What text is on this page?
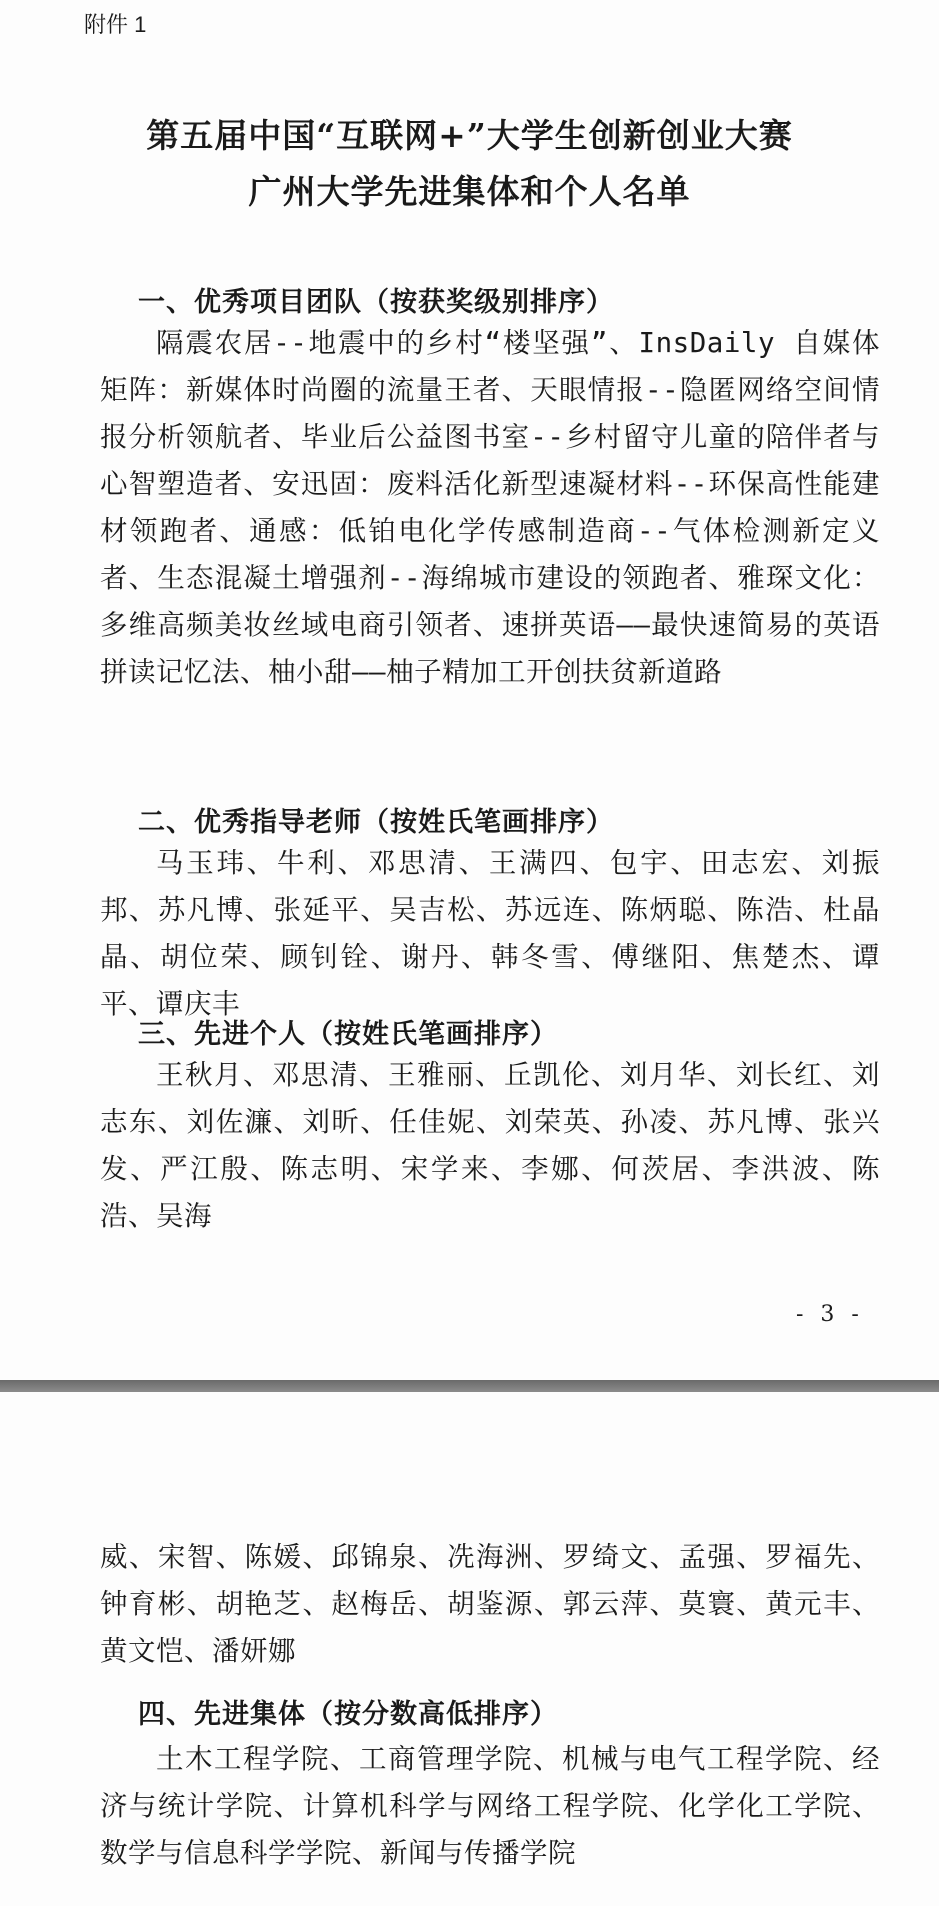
附件 1
第五届中国“互联网+”大学生创新创业大赛
广州大学先进集体和个人名单
一、优秀项目团队（按获奖级别排序）

隔震农居--地震中的乡村“楼坚强”、InsDaily 自媒体矩阵：新媒体时尚圈的流量王者、天眼情报--隐匿网络空间情报分析领航者、毕业后公益图书室--乡村留守儿童的陪伴者与心智塑造者、安迅固：废料活化新型速凝材料--环保高性能建材领跑者、通感：低铂电化学传感制造商--气体检测新定义者、生态混凝土增强剂--海绵城市建设的领跑者、雅琛文化：多维高频美妆丝域电商引领者、速拼英语——最快速简易的英语拼读记忆法、柚小甜——柚子精加工开创扶贫新道路

二、优秀指导老师（按姓氏笔画排序）

马玉玮、牛利、邓思清、王满四、包宇、田志宏、刘振邦、苏凡博、张延平、吴吉松、苏远连、陈炳聪、陈浩、杜晶晶、胡位荣、顾钊铨、谢丹、韩冬雪、傅继阳、焦楚杰、谭平、谭庆丰

三、先进个人（按姓氏笔画排序）

王秋月、邓思清、王雅丽、丘凯伦、刘月华、刘长红、刘志东、刘佐濂、刘昕、任佳妮、刘荣英、孙凌、苏凡博、张兴发、严江殷、陈志明、宋学来、李娜、何茨居、李洪波、陈浩、吴海

- 3 -

威、宋智、陈媛、邱锦泉、冼海洲、罗绮文、孟强、罗福先、钟育彬、胡艳芝、赵梅岳、胡鉴源、郭云萍、莫寰、黄元丰、黄文恺、潘妍娜

四、先进集体（按分数高低排序）

土木工程学院、工商管理学院、机械与电气工程学院、经济与统计学院、计算机科学与网络工程学院、化学化工学院、数学与信息科学学院、新闻与传播学院
